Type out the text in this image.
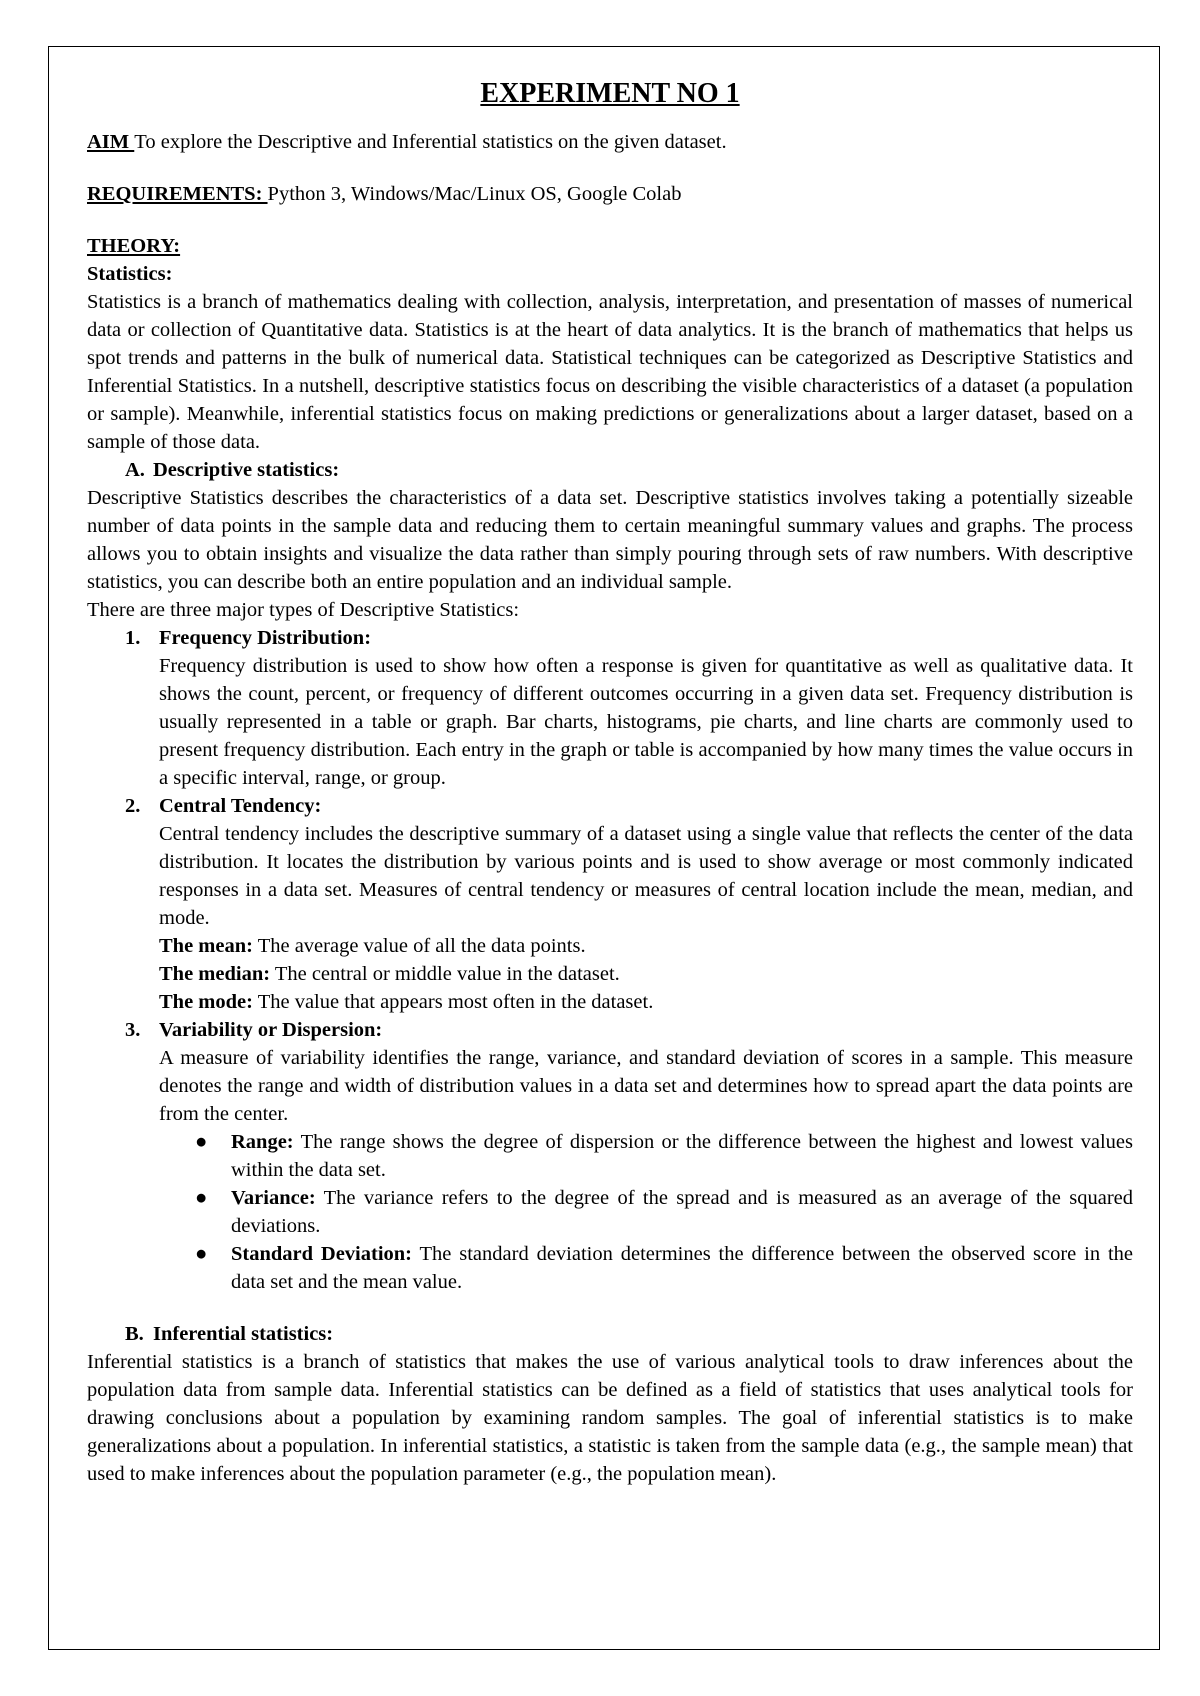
EXPERIMENT NO 1

AIM To explore the Descriptive and Inferential statistics on the given dataset.

REQUIREMENTS: Python 3, Windows/Mac/Linux OS, Google Colab

THEORY:

Statistics:

Statistics is a branch of mathematics dealing with collection, analysis, interpretation, and presentation of masses of numerical data or collection of Quantitative data. Statistics is at the heart of data analytics. It is the branch of mathematics that helps us spot trends and patterns in the bulk of numerical data. Statistical techniques can be categorized as Descriptive Statistics and Inferential Statistics. In a nutshell, descriptive statistics focus on describing the visible characteristics of a dataset (a population or sample). Meanwhile, inferential statistics focus on making predictions or generalizations about a larger dataset, based on a sample of those data.

A. Descriptive statistics:

Descriptive Statistics describes the characteristics of a data set. Descriptive statistics involves taking a potentially sizeable number of data points in the sample data and reducing them to certain meaningful summary values and graphs. The process allows you to obtain insights and visualize the data rather than simply pouring through sets of raw numbers. With descriptive statistics, you can describe both an entire population and an individual sample.

There are three major types of Descriptive Statistics:

1. Frequency Distribution:

Frequency distribution is used to show how often a response is given for quantitative as well as qualitative data. It shows the count, percent, or frequency of different outcomes occurring in a given data set. Frequency distribution is usually represented in a table or graph. Bar charts, histograms, pie charts, and line charts are commonly used to present frequency distribution. Each entry in the graph or table is accompanied by how many times the value occurs in a specific interval, range, or group.

2. Central Tendency:

Central tendency includes the descriptive summary of a dataset using a single value that reflects the center of the data distribution. It locates the distribution by various points and is used to show average or most commonly indicated responses in a data set. Measures of central tendency or measures of central location include the mean, median, and mode.

The mean: The average value of all the data points.

The median: The central or middle value in the dataset.

The mode: The value that appears most often in the dataset.

3. Variability or Dispersion:

A measure of variability identifies the range, variance, and standard deviation of scores in a sample. This measure denotes the range and width of distribution values in a data set and determines how to spread apart the data points are from the center.

● Range: The range shows the degree of dispersion or the difference between the highest and lowest values within the data set.
● Variance: The variance refers to the degree of the spread and is measured as an average of the squared deviations.
● Standard Deviation: The standard deviation determines the difference between the observed score in the data set and the mean value.
B. Inferential statistics:

Inferential statistics is a branch of statistics that makes the use of various analytical tools to draw inferences about the population data from sample data. Inferential statistics can be defined as a field of statistics that uses analytical tools for drawing conclusions about a population by examining random samples. The goal of inferential statistics is to make generalizations about a population. In inferential statistics, a statistic is taken from the sample data (e.g., the sample mean) that used to make inferences about the population parameter (e.g., the population mean).
